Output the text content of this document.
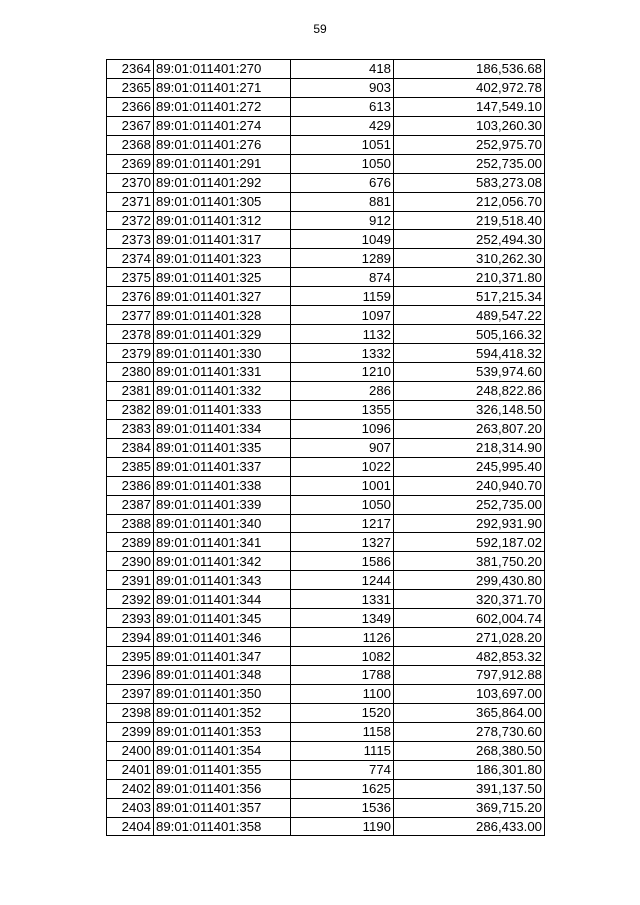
59
2364	89:01:011401:270	418	186,536.68
2365	89:01:011401:271	903	402,972.78
2366	89:01:011401:272	613	147,549.10
2367	89:01:011401:274	429	103,260.30
2368	89:01:011401:276	1051	252,975.70
2369	89:01:011401:291	1050	252,735.00
2370	89:01:011401:292	676	583,273.08
2371	89:01:011401:305	881	212,056.70
2372	89:01:011401:312	912	219,518.40
2373	89:01:011401:317	1049	252,494.30
2374	89:01:011401:323	1289	310,262.30
2375	89:01:011401:325	874	210,371.80
2376	89:01:011401:327	1159	517,215.34
2377	89:01:011401:328	1097	489,547.22
2378	89:01:011401:329	1132	505,166.32
2379	89:01:011401:330	1332	594,418.32
2380	89:01:011401:331	1210	539,974.60
2381	89:01:011401:332	286	248,822.86
2382	89:01:011401:333	1355	326,148.50
2383	89:01:011401:334	1096	263,807.20
2384	89:01:011401:335	907	218,314.90
2385	89:01:011401:337	1022	245,995.40
2386	89:01:011401:338	1001	240,940.70
2387	89:01:011401:339	1050	252,735.00
2388	89:01:011401:340	1217	292,931.90
2389	89:01:011401:341	1327	592,187.02
2390	89:01:011401:342	1586	381,750.20
2391	89:01:011401:343	1244	299,430.80
2392	89:01:011401:344	1331	320,371.70
2393	89:01:011401:345	1349	602,004.74
2394	89:01:011401:346	1126	271,028.20
2395	89:01:011401:347	1082	482,853.32
2396	89:01:011401:348	1788	797,912.88
2397	89:01:011401:350	1100	103,697.00
2398	89:01:011401:352	1520	365,864.00
2399	89:01:011401:353	1158	278,730.60
2400	89:01:011401:354	1115	268,380.50
2401	89:01:011401:355	774	186,301.80
2402	89:01:011401:356	1625	391,137.50
2403	89:01:011401:357	1536	369,715.20
2404	89:01:011401:358	1190	286,433.00
